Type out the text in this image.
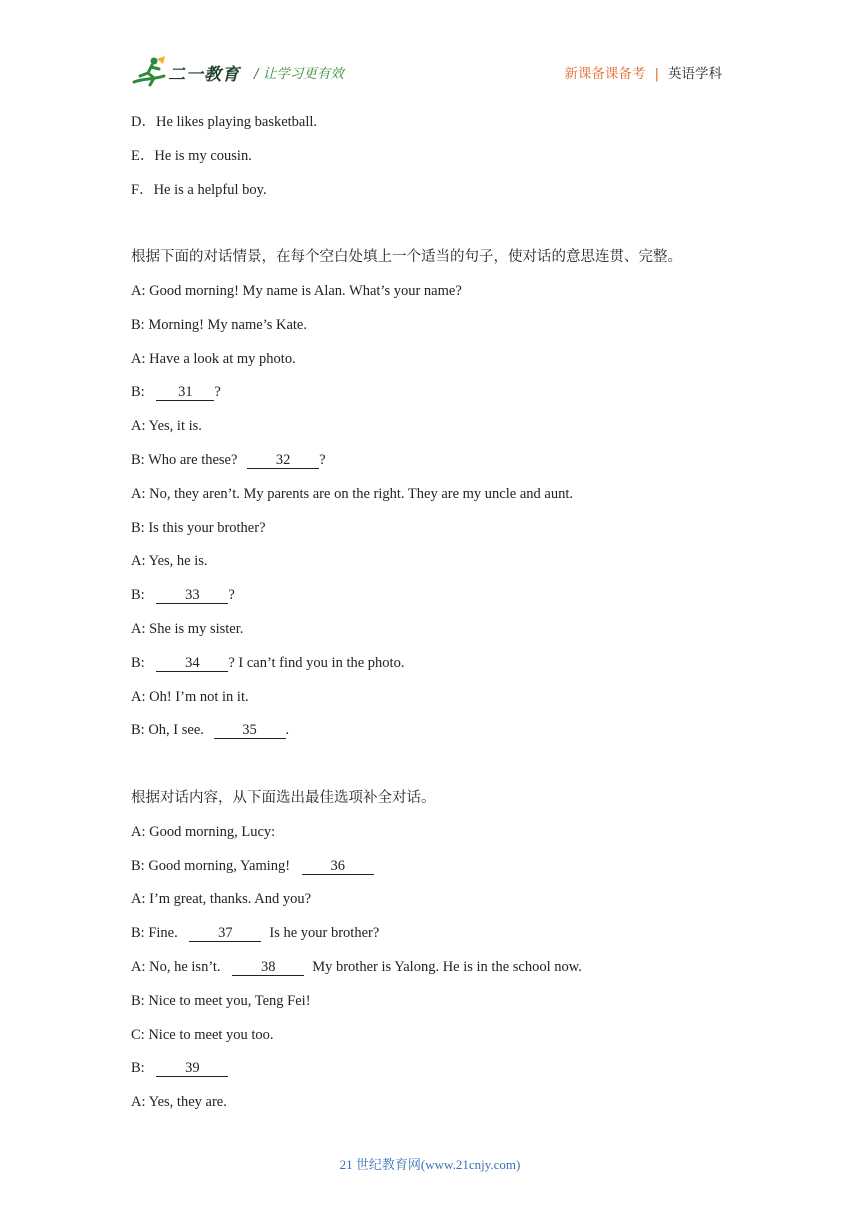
二一教育 / 让学习更有效	新课备课备考 | 英语学科
D．He likes playing basketball.
E．He is my cousin.
F．He is a helpful boy.
根据下面的对话情景，在每个空白处填上一个适当的句子，使对话的意思连贯、完整。
A: Good morning! My name is Alan. What’s your name?
B: Morning! My name’s Kate.
A: Have a look at my photo.
B: 31 ?
A: Yes, it is.
B: Who are these?	32 ?
A: No, they aren’t. My parents are on the right. They are my uncle and aunt.
B: Is this your brother?
A: Yes, he is.
B:	33 ?
A: She is my sister.
B:	34 ? I can’t find you in the photo.
A: Oh! I’m not in it.
B: Oh, I see.	35 .
根据对话内容，从下面选出最佳选项补全对话。
A: Good morning, Lucy:
B: Good morning, Yaming!	36
A: I’m great, thanks. And you?
B: Fine.	37	Is he your brother?
A: No, he isn’t.	38	My brother is Yalong. He is in the school now.
B: Nice to meet you, Teng Fei!
C: Nice to meet you too.
B:	39
A: Yes, they are.
21 世纪教育网(www.21cnjy.com)
